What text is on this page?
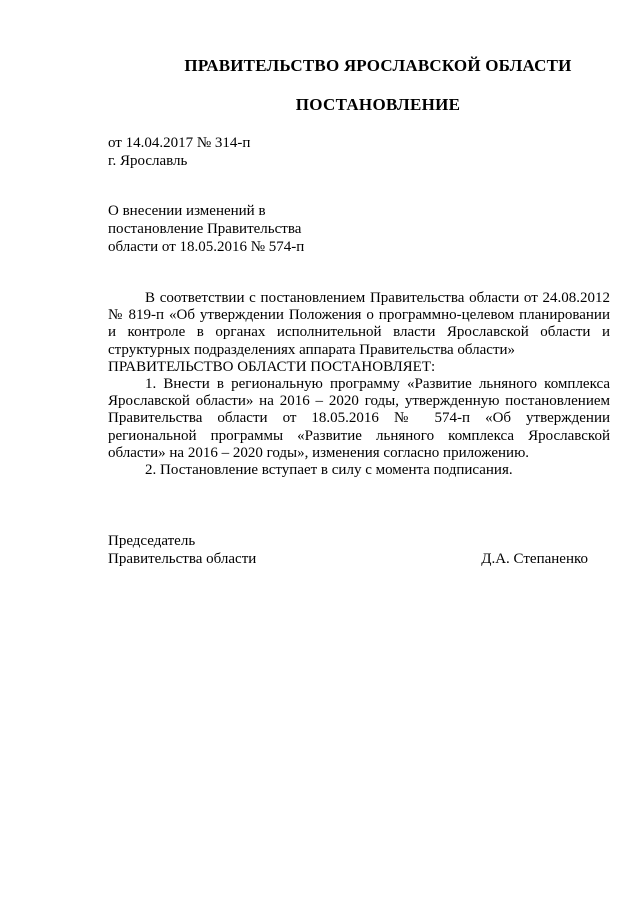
ПРАВИТЕЛЬСТВО ЯРОСЛАВСКОЙ ОБЛАСТИ
ПОСТАНОВЛЕНИЕ
от 14.04.2017 № 314-п
г. Ярославль
О внесении изменений в
постановление Правительства
области от 18.05.2016 № 574-п

В соответствии с постановлением Правительства области от 24.08.2012 № 819-п «Об утверждении Положения о программно-целевом планировании и контроле в органах исполнительной власти Ярославской области и структурных подразделениях аппарата Правительства области»

ПРАВИТЕЛЬСТВО ОБЛАСТИ ПОСТАНОВЛЯЕТ:

1. Внести в региональную программу «Развитие льняного комплекса Ярославской области» на 2016 – 2020 годы, утвержденную постановлением Правительства области от 18.05.2016 № 574-п «Об утверждении региональной программы «Развитие льняного комплекса Ярославской области» на 2016 – 2020 годы», изменения согласно приложению.

2. Постановление вступает в силу с момента подписания.

Председатель
Правительства области	Д.А. Степаненко
